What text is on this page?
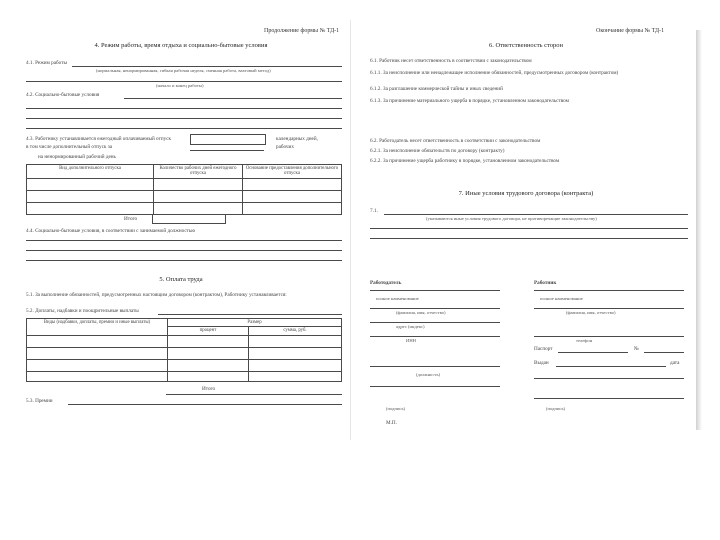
Продолжение формы № ТД-1
4. Режим работы, время отдыха и социально-бытовые условия
4.1. Режим работы
(нормальная, ненормированная, гибкая рабочая неделя, сменная работа, вахтовый метод)
(начало и конец работы)
4.2. Социально-бытовые условия
4.3. Работнику устанавливается ежегодный оплачиваемый отпуск	календарных дней,
в том числе дополнительный отпуск за	рабочих
на ненормированный рабочий день
Вид дополнительного отпуска	Количество рабочих дней ежегодного отпуска	Основание предоставления дополнительного отпуска

Итого
4.4. Социально-бытовые условия, в соответствии с занимаемой должностью
5. Оплата труда
5.1. За выполнение обязанностей, предусмотренных настоящим договором (контрактом), Работнику устанавливается:
5.2. Доплаты, надбавки и поощрительные выплаты
Виды (надбавки, доплаты, премии и иные выплаты)	Размер	

	процент	сумма, руб.

Итого
5.3. Премии
Окончание формы № ТД-1
6. Ответственность сторон
6.1. Работник несет ответственность в соответствии с законодательством
6.1.1. За неисполнение или ненадлежащее исполнение обязанностей, предусмотренных договором (контрактом)
6.1.2. За разглашение коммерческой тайны и иных сведений
6.1.3. За причинение материального ущерба в порядке, установленном законодательством
6.2. Работодатель несет ответственность в соответствии с законодательством
6.2.1. За неисполнение обязательств по договору (контракту)
6.2.2. За причинение ущерба работнику в порядке, установленном законодательством
7. Иные условия трудового договора (контракта)
7.1.
(указываются иные условия трудового договора, не противоречащие законодательству)
Работодатель
полное наименование
(фамилия, имя, отчество)
адрес (индекс)
ИНН
(должность)
(подпись)
М.П.
Работник
полное наименование
(фамилия, имя, отчество)
телефон
Паспорт	№
Выдан	дата
(подпись)
